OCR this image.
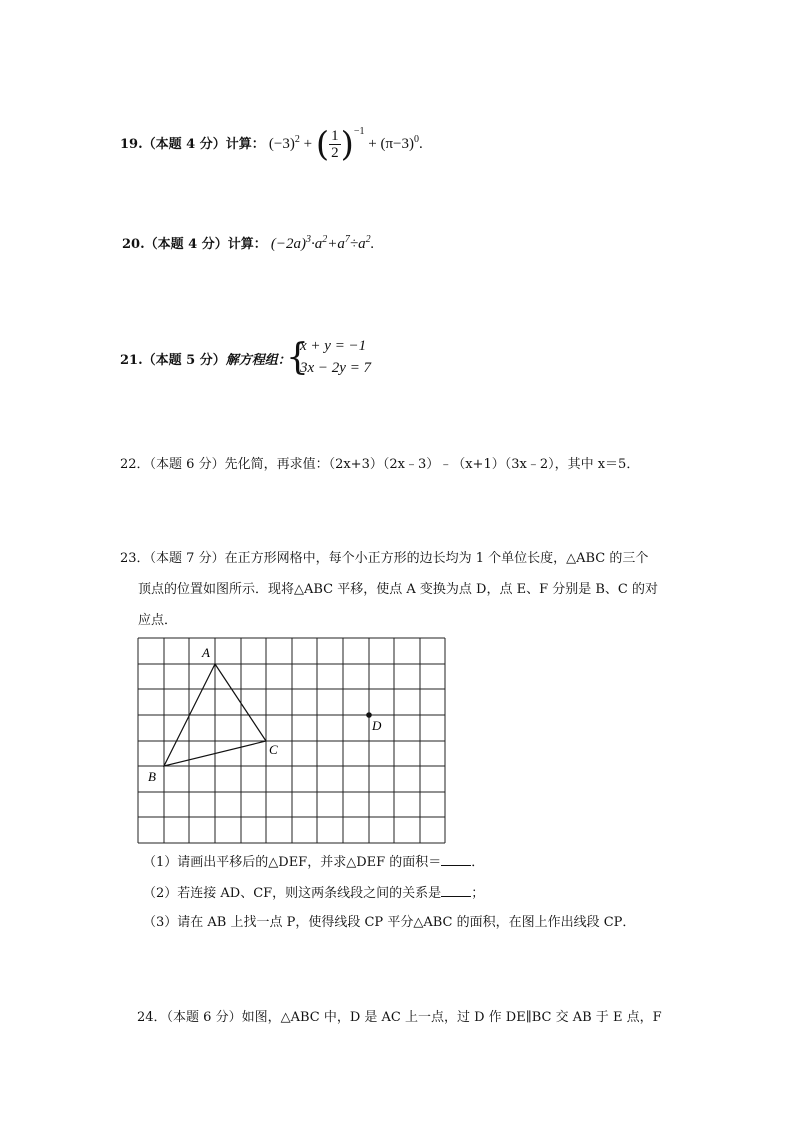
19.（本题 4 分）计算： $(-3)^2$ + ( $\frac{1}{2} )^{-1} + (\pi-3)^0$.
20.（本题 4 分）计算： $(-2a)^3\cdot a^2+a^7\div a^2$.
21.（本题 5 分）解方程组：
{
x + y = −1
3x − 2y = 7
22．（本题 6 分）先化简，再求值：（2x+3）（2x﹣3）﹣（x+1）（3x﹣2），其中 x＝5．
23．（本题 7 分）在正方形网格中，每个小正方形的边长均为 1 个单位长度，△ABC 的三个
顶点的位置如图所示．现将△ABC 平移，使点 A 变换为点 D，点 E、F 分别是 B、C 的对
应点．
A
B
C
D
（1）请画出平移后的△DEF，并求△DEF 的面积＝ ．
（2）若连接 AD、CF，则这两条线段之间的关系是 ；
（3）请在 AB 上找一点 P，使得线段 CP 平分△ABC 的面积，在图上作出线段 CP．
24．（本题 6 分）如图，△ABC 中，D 是 AC 上一点，过 D 作 DE∥BC 交 AB 于 E 点，F
